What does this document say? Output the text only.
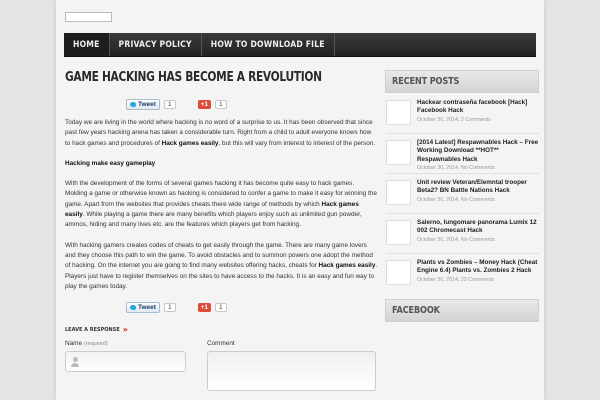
HOME	PRIVACY POLICY	HOW TO DOWNLOAD FILE
GAME HACKING HAS BECOME A REVOLUTION
Tweet	1	+1	1

Today we are living in the world where hacking is no word of a surprise to us. It has been observed that since past few years hacking arena has taken a considerable turn. Right from a child to adult everyone knows how to hack games and procedures of Hack games easily, but this will vary from interest to interest of the person.

Hacking make easy gameplay

With the development of the forms of several games hacking it has become quite easy to hack games. Molding a game or otherwise known as hacking is considered to confer a game to make it easy for winning the game. Apart from the websites that provides cheats there wide range of methods by which Hack games easily. While playing a game there are many benefits which players enjoy such as unlimited gun powder, ammos, hiding and many lives etc. are the features which players get from hacking.

With hacking gamers creates codes of cheats to get easily through the game. There are many game lovers and they choose this path to win the game. To avoid obstacles and to summon powers one adopt the method of hacking. On the internet you are going to find many websites offering hacks, cheats for Hack games easily. Players just have to register themselves on the sites to have access to the hacks. It is an easy and fun way to play the games today.

Tweet	1	+1	1
LEAVE A RESPONSE »
Name (required)	Comment
RECENT POSTS
Hackear contraseña facebook [Hack] Facebook Hack
October 30, 2014, 2 Comments
[2014 Latest] Respawnables Hack – Free Working Download **HOT** Respawnables Hack
October 30, 2014, No Comments
Unit review Veteran/Elemntal trooper Beta2? BN Battle Nations Hack
October 30, 2014, No Comments
Salerno, lungomare panorama Lumix 12 002 Chromecast Hack
October 30, 2014, No Comments
Plants vs Zombies – Money Hack (Cheat Engine 6.4) Plants vs. Zombies 2 Hack
October 30, 2014, 22 Comments
FACEBOOK
